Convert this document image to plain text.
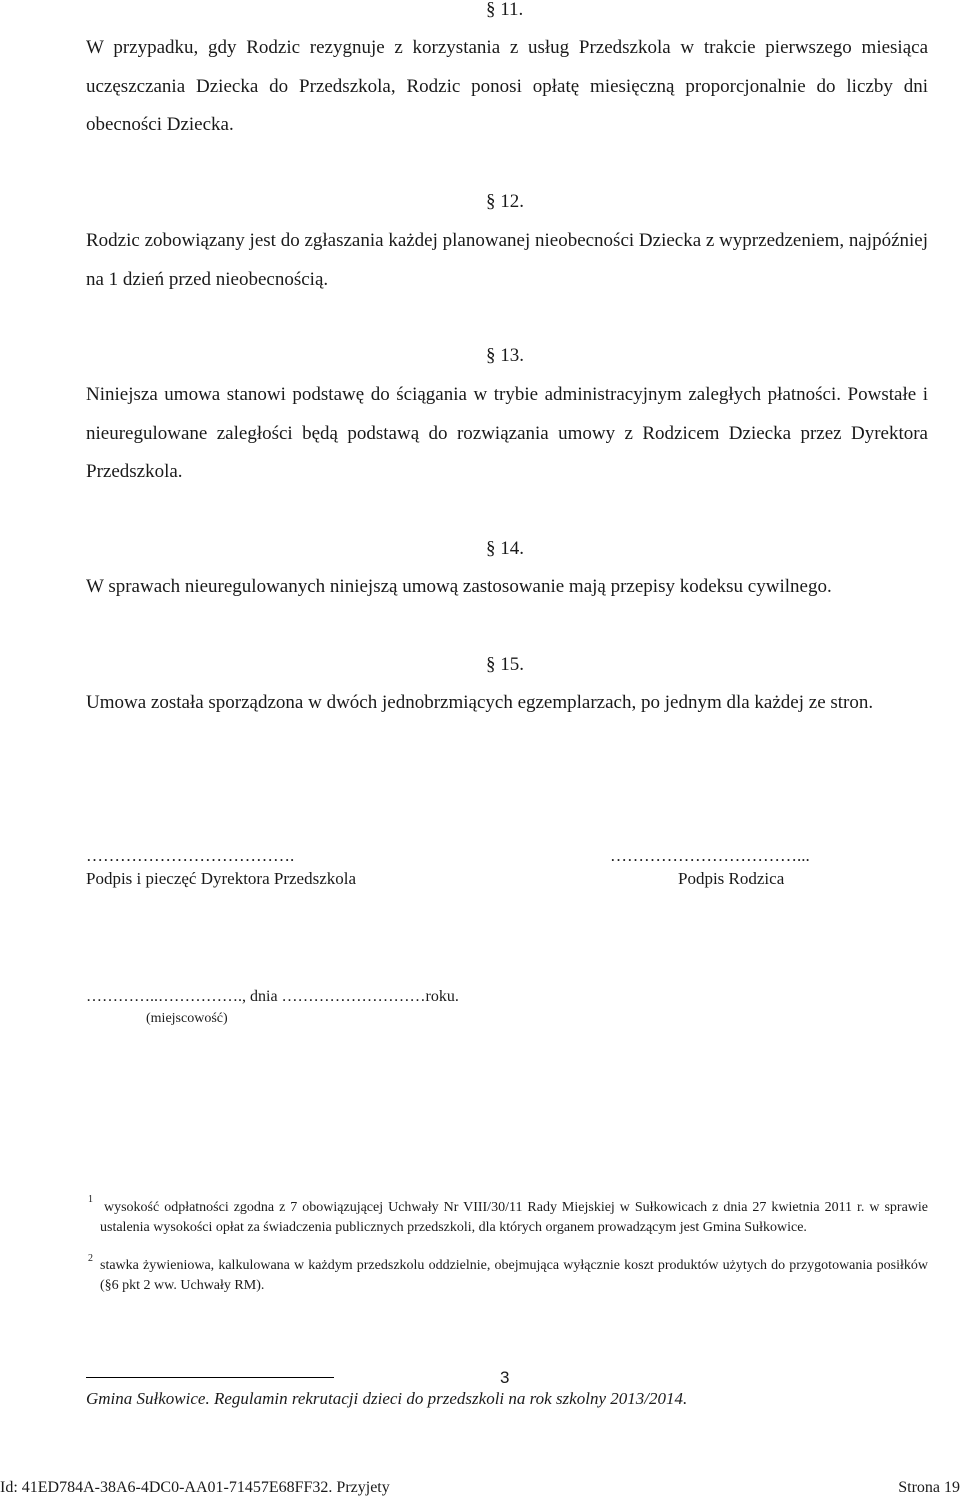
§ 11.
W przypadku, gdy Rodzic rezygnuje z korzystania z usług Przedszkola w trakcie pierwszego miesiąca uczęszczania Dziecka do Przedszkola, Rodzic ponosi opłatę miesięczną proporcjonalnie do liczby dni obecności Dziecka.
§ 12.
Rodzic zobowiązany jest do zgłaszania każdej planowanej nieobecności Dziecka z wyprzedzeniem, najpóźniej na 1 dzień przed nieobecnością.
§ 13.
Niniejsza umowa stanowi podstawę do ściągania w trybie administracyjnym zaległych płatności. Powstałe i nieuregulowane zaległości będą podstawą do rozwiązania umowy z Rodzicem Dziecka przez Dyrektora Przedszkola.
§ 14.
W sprawach nieuregulowanych niniejszą umową zastosowanie mają przepisy kodeksu cywilnego.
§ 15.
Umowa została sporządzona w dwóch jednobrzmiących egzemplarzach, po jednym dla każdej ze stron.
……………………………….
Podpis i pieczęć Dyrektora Przedszkola
……………………………...
Podpis Rodzica
…………..……………., dnia ………………………roku.
(miejscowość)
1
wysokość odpłatności zgodna z 7 obowiązującej Uchwały Nr VIII/30/11 Rady Miejskiej w Sułkowicach z dnia 27 kwietnia 2011 r. w sprawie ustalenia wysokości opłat za świadczenia publicznych przedszkoli, dla których organem prowadzącym jest Gmina Sułkowice.
2 stawka żywieniowa, kalkulowana w każdym przedszkolu oddzielnie, obejmująca wyłącznie koszt produktów użytych do przygotowania posiłków (§6 pkt 2 ww. Uchwały RM).
3
Gmina Sułkowice. Regulamin rekrutacji dzieci do przedszkoli na rok szkolny 2013/2014.
Id: 41ED784A-38A6-4DC0-AA01-71457E68FF32. Przyjety	Strona 19
